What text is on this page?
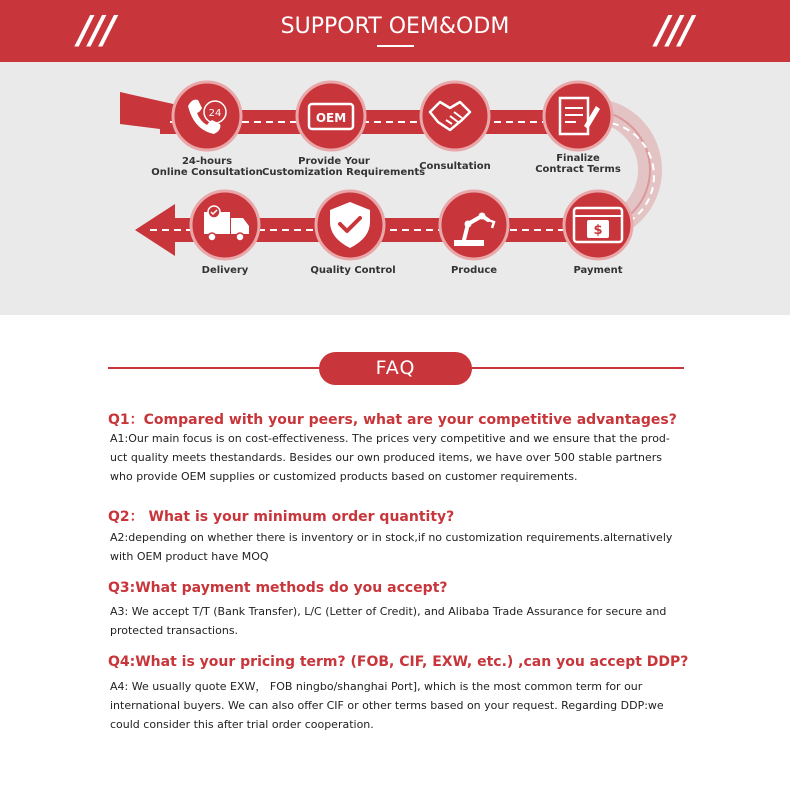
///	SUPPORT OEM&ODM	///
24	OEM
$
24-hours
Online Consultation
Provide Your
Customization Requirements
Consultation
Finalize
Contract Terms
Payment
Produce
Quality Control
Delivery
FAQ
Q1：Compared with your peers, what are your competitive advantages?
A1:Our main focus is on cost-effectiveness. The prices very competitive and we ensure that the prod-
uct quality meets thestandards. Besides our own produced items, we have over 500 stable partners
who provide OEM supplies or customized products based on customer requirements.
Q2： What is your minimum order quantity?
A2:depending on whether there is inventory or in stock,if no customization requirements.alternatively
with OEM product have MOQ
Q3:What payment methods do you accept?
A3: We accept T/T (Bank Transfer), L/C (Letter of Credit), and Alibaba Trade Assurance for secure and
protected transactions.
Q4:What is your pricing term? (FOB, CIF, EXW, etc.) ,can you accept DDP?
A4: We usually quote EXW， FOB ningbo/shanghai Port], which is the most common term for our
international buyers. We can also offer CIF or other terms based on your request. Regarding DDP:we
could consider this after trial order cooperation.
